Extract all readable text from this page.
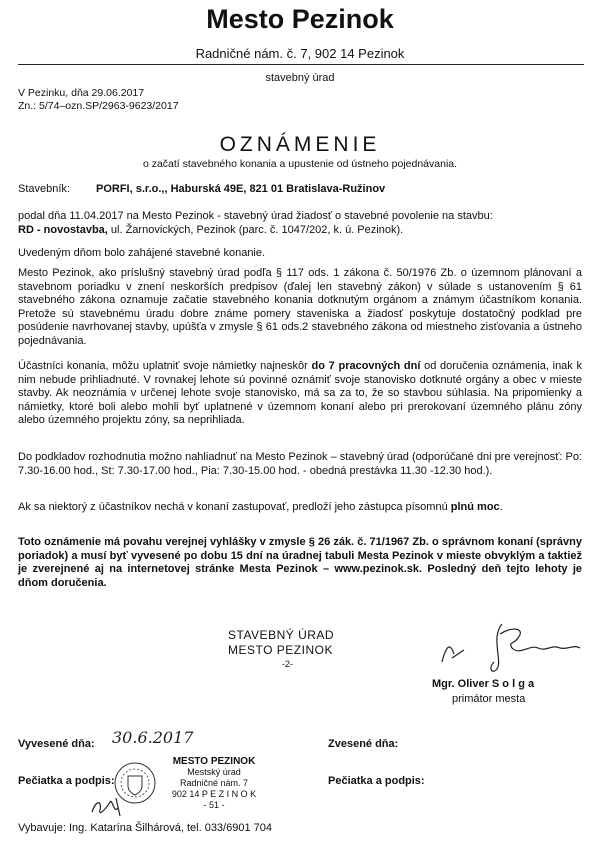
Mesto Pezinok
Radničné nám. č. 7, 902 14 Pezinok
stavebný úrad
V Pezinku, dňa 29.06.2017
Zn.: 5/74–ozn.SP/2963-9623/2017
OZNÁMENIE
o začatí stavebného konania a upustenie od ústneho pojednávania.
Stavebník: PORFI, s.r.o.,, Haburská 49E, 821 01 Bratislava-Ružinov
podal dňa 11.04.2017 na Mesto Pezinok - stavebný úrad žiadosť o stavebné povolenie na stavbu:
RD - novostavba, ul. Žarnovických, Pezinok (parc. č. 1047/202, k. ú. Pezinok).
Uvedeným dňom bolo zahájené stavebné konanie.
Mesto Pezinok, ako príslušný stavebný úrad podľa § 117 ods. 1 zákona č. 50/1976 Zb. o územnom plánovaní a stavebnom poriadku v znení neskorších predpisov (ďalej len stavebný zákon) v súlade s ustanovením § 61 stavebného zákona oznamuje začatie stavebného konania dotknutým orgánom a známym účastníkom konania. Pretože sú stavebnému úradu dobre známe pomery staveniska a žiadosť poskytuje dostatočný podklad pre posúdenie navrhovanej stavby, upúšťa v zmysle § 61 ods.2 stavebného zákona od miestneho zisťovania a ústneho pojednávania.
Účastníci konania, môžu uplatniť svoje námietky najneskôr do 7 pracovných dní od doručenia oznámenia, inak k nim nebude prihliadnuté. V rovnakej lehote sú povinné oznámiť svoje stanovisko dotknuté orgány a obec v mieste stavby. Ak neoznámia v určenej lehote svoje stanovisko, má sa za to, že so stavbou súhlasia. Na pripomienky a námietky, ktoré boli alebo mohli byť uplatnené v územnom konaní alebo pri prerokovaní územného plánu zóny alebo územného projektu zóny, sa neprihliada.
Do podkladov rozhodnutia možno nahliadnuť na Mesto Pezinok – stavebný úrad (odporúčané dni pre verejnosť: Po: 7.30-16.00 hod., St: 7.30-17.00 hod., Pia: 7.30-15.00 hod. - obedná prestávka 11.30 -12.30 hod.).
Ak sa niektorý z účastníkov nechá v konaní zastupovať, predloží jeho zástupca písomnú plnú moc.
Toto oznámenie má povahu verejnej vyhlášky v zmysle § 26 zák. č. 71/1967 Zb. o správnom konaní (správny poriadok) a musí byť vyvesené po dobu 15 dní na úradnej tabuli Mesta Pezinok v mieste obvyklým a taktiež je zverejnené aj na internetovej stránke Mesta Pezinok – www.pezinok.sk. Posledný deň tejto lehoty je dňom doručenia.
STAVEBNÝ ÚRAD
MESTO PEZINOK
-2-
Mgr. Oliver S o l g a
primátor mesta
Vyvesené dňa: 30.6.2017	Zvesené dňa:
Pečiatka a podpis:	Pečiatka a podpis:
MESTO PEZINOK
Mestský úrad
Radničné nám. 7
902 14 P E Z I N O K
- 51 -
Vybavuje: Ing. Katarína Šilhárová, tel. 033/6901 704
